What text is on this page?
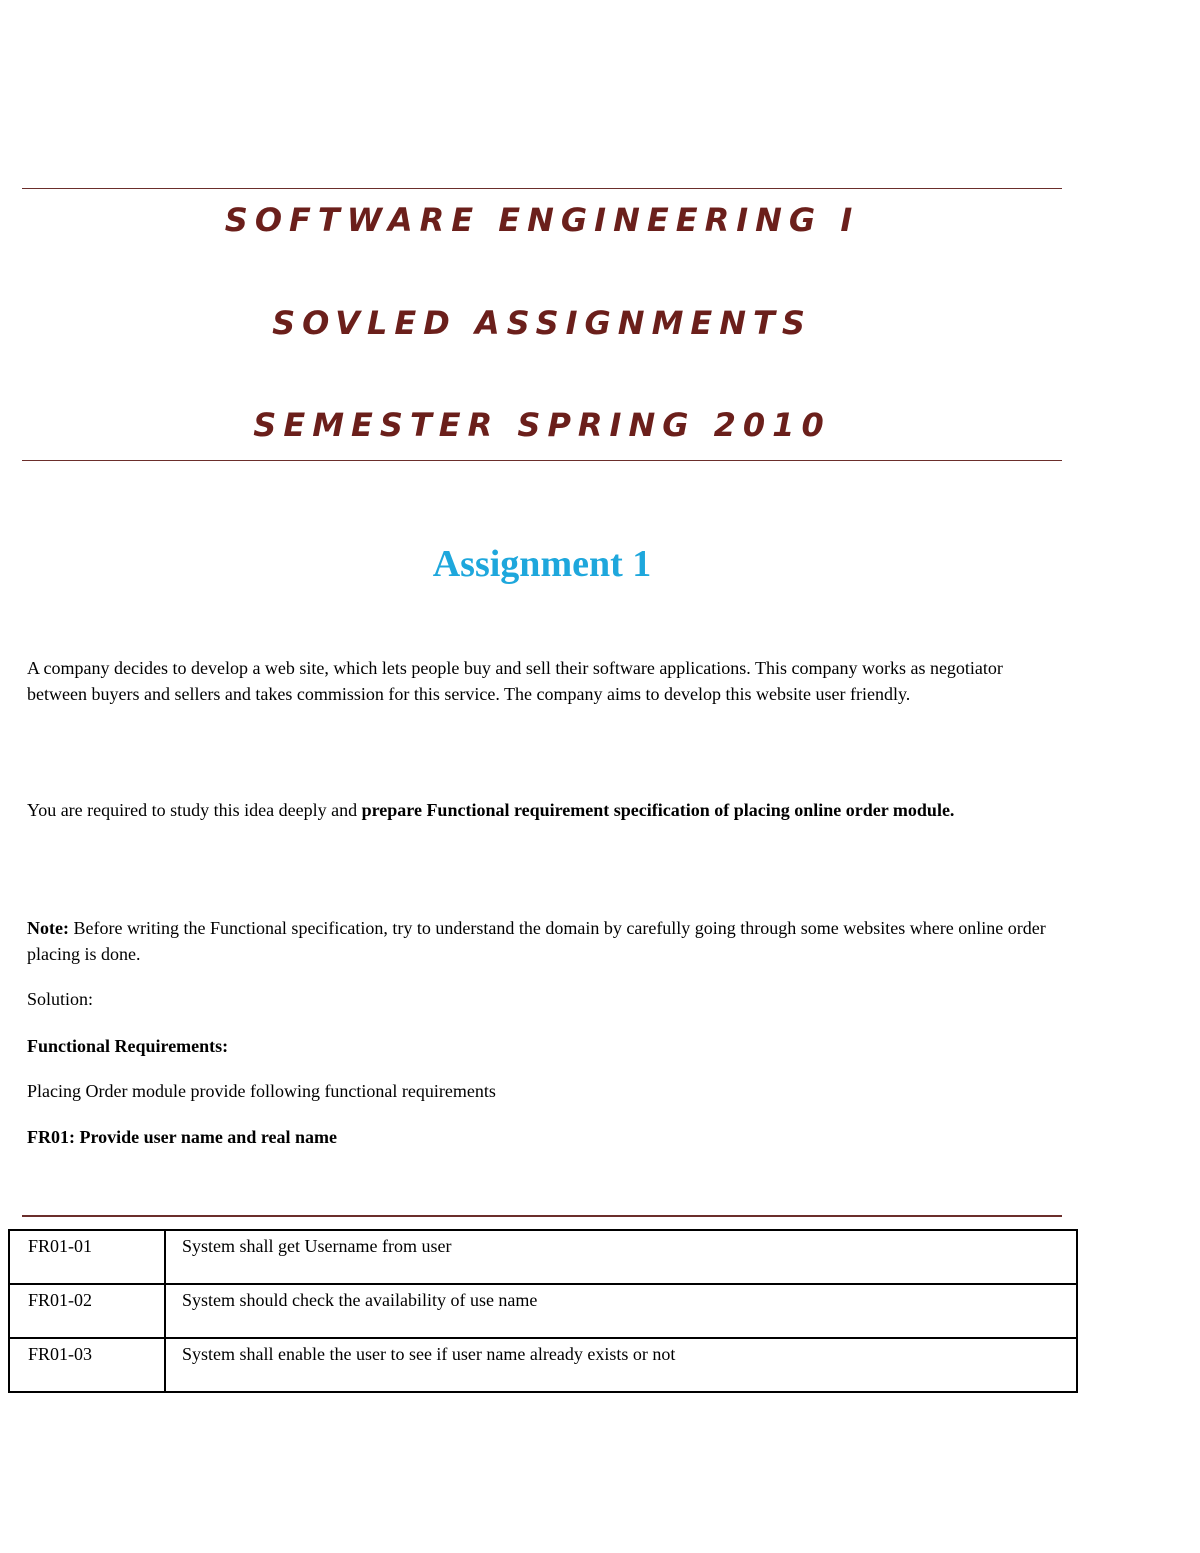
SOFTWARE ENGINEERING I
SOVLED ASSIGNMENTS
SEMESTER SPRING 2010
Assignment 1
A company decides to develop a web site, which lets people buy and sell their software applications. This company works as negotiator between buyers and sellers and takes commission for this service. The company aims to develop this website user friendly.
You are required to study this idea deeply and prepare Functional requirement specification of placing online order module.
Note: Before writing the Functional specification, try to understand the domain by carefully going through some websites where online order placing is done.
Solution:
Functional Requirements:
Placing Order module provide following functional requirements
FR01: Provide user name and real name
FR01-01	System shall get Username from user
FR01-02	System should check the availability of use name
FR01-03	System shall enable the user to see if user name already exists or not
